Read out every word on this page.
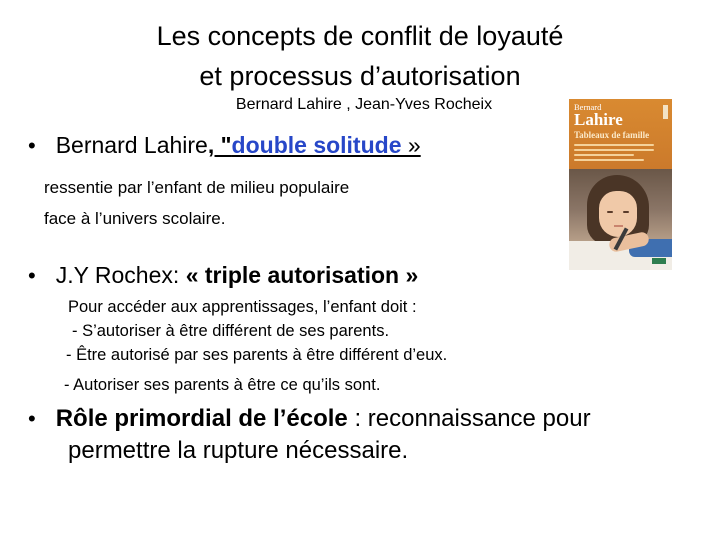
Les concepts de conflit de loyauté
et processus d’autorisation
Bernard Lahire , Jean-Yves Rocheix
• Bernard Lahire, "double solitude »
ressentie par l’enfant de milieu populaire
face à l’univers scolaire.
Bernard
Lahire
Tableaux de famille
• J.Y Rochex: « triple autorisation »
Pour accéder aux apprentissages, l’enfant doit :
- S’autoriser à être différent de ses parents.
- Être autorisé par ses parents à être différent d’eux.
- Autoriser ses parents à être ce qu’ils sont.
• Rôle primordial de l’école : reconnaissance pour
permettre la rupture nécessaire.
